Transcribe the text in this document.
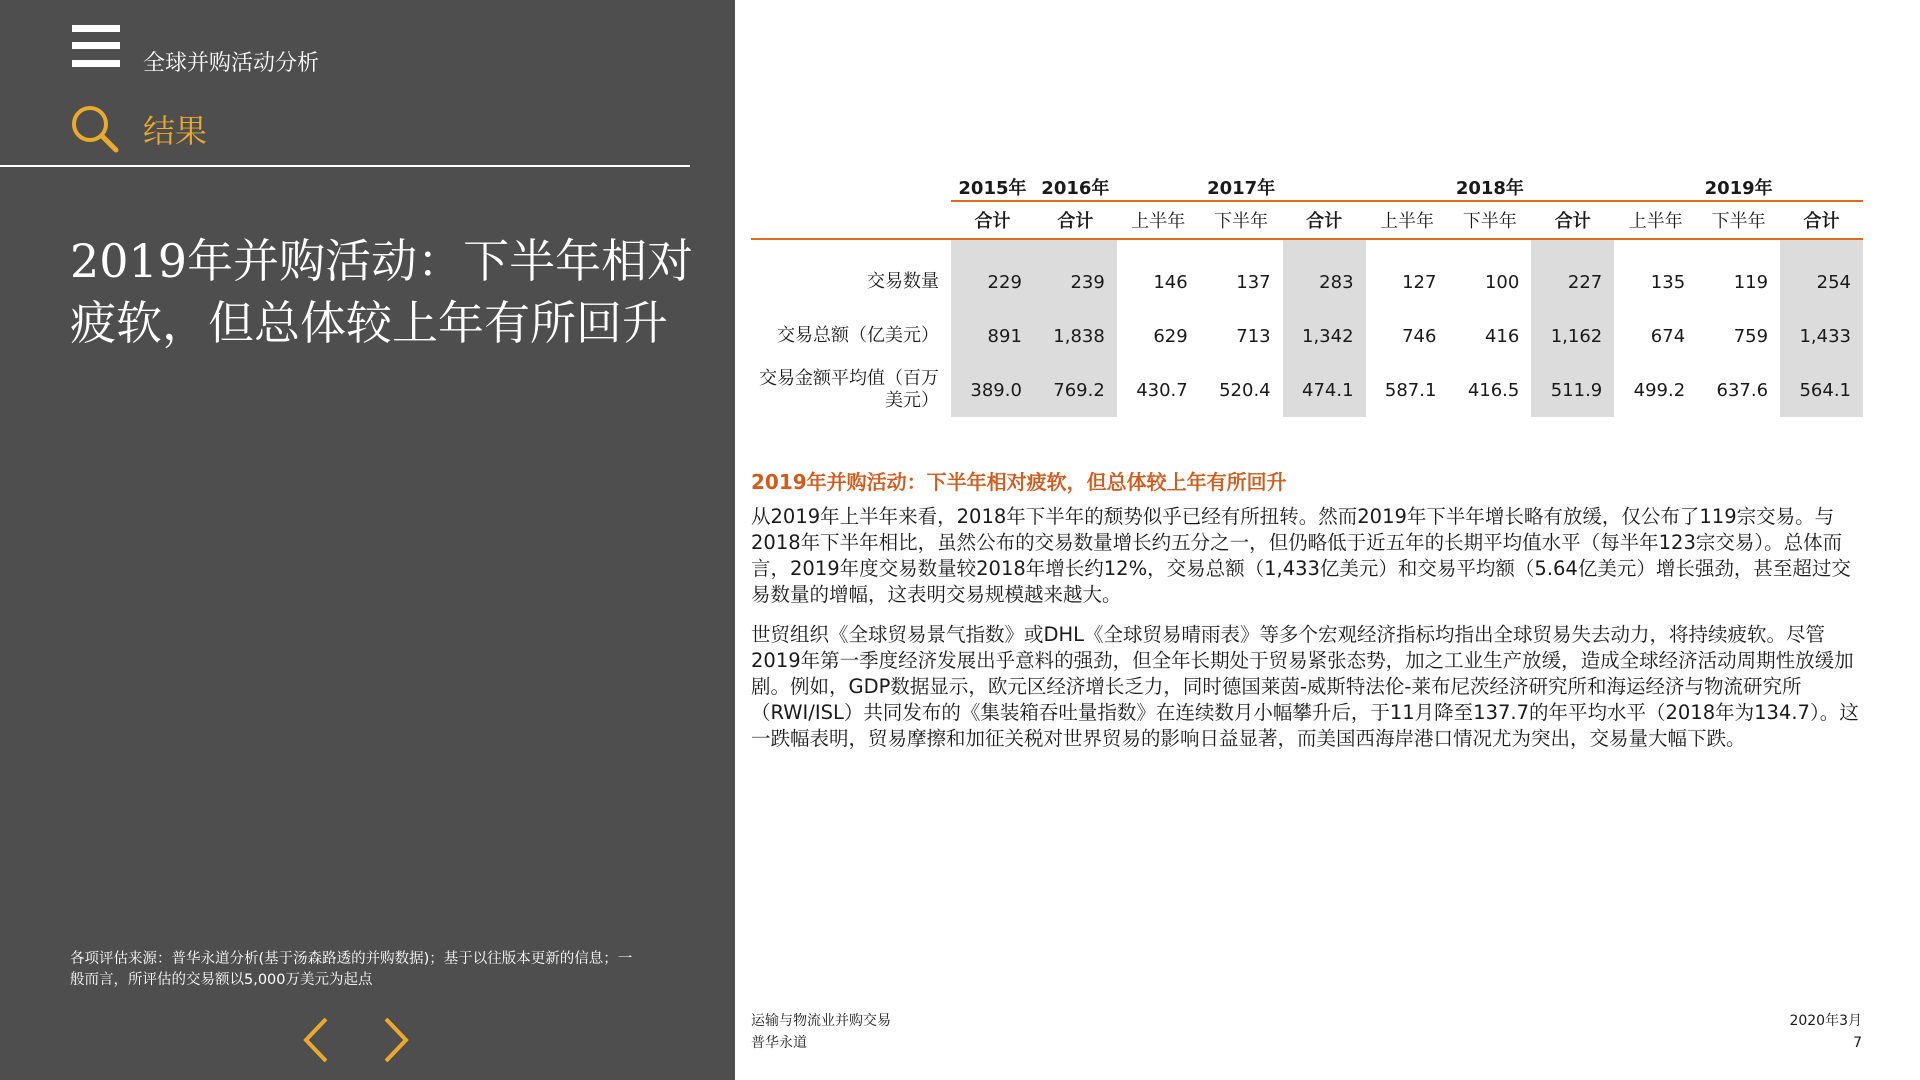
全球并购活动分析
结果
2019年并购活动：下半年相对疲软，但总体较上年有所回升
各项评估来源：普华永道分析(基于汤森路透的并购数据)；基于以往版本更新的信息；一般而言，所评估的交易额以5,000万美元为起点
	2015年	2016年	2017年			2018年			2019年		
	合计	合计	上半年	下半年	合计	上半年	下半年	合计	上半年	下半年	合计
交易数量	229	239	146	137	283	127	100	227	135	119	254
交易总额（亿美元）	891	1,838	629	713	1,342	746	416	1,162	674	759	1,433
交易金额平均值（百万美元）	389.0	769.2	430.7	520.4	474.1	587.1	416.5	511.9	499.2	637.6	564.1
2019年并购活动：下半年相对疲软，但总体较上年有所回升
从2019年上半年来看，2018年下半年的颓势似乎已经有所扭转。然而2019年下半年增长略有放缓，仅公布了119宗交易。与2018年下半年相比，虽然公布的交易数量增长约五分之一，但仍略低于近五年的长期平均值水平（每半年123宗交易）。总体而言，2019年度交易数量较2018年增长约12%，交易总额（1,433亿美元）和交易平均额（5.64亿美元）增长强劲，甚至超过交易数量的增幅，这表明交易规模越来越大。
世贸组织《全球贸易景气指数》或DHL《全球贸易晴雨表》等多个宏观经济指标均指出全球贸易失去动力，将持续疲软。尽管2019年第一季度经济发展出乎意料的强劲，但全年长期处于贸易紧张态势，加之工业生产放缓，造成全球经济活动周期性放缓加剧。例如，GDP数据显示，欧元区经济增长乏力，同时德国莱茵-威斯特法伦-莱布尼茨经济研究所和海运经济与物流研究所（RWI/ISL）共同发布的《集装箱吞吐量指数》在连续数月小幅攀升后，于11月降至137.7的年平均水平（2018年为134.7）。这一跌幅表明，贸易摩擦和加征关税对世界贸易的影响日益显著，而美国西海岸港口情况尤为突出，交易量大幅下跌。
运输与物流业并购交易
普华永道
2020年3月
7
